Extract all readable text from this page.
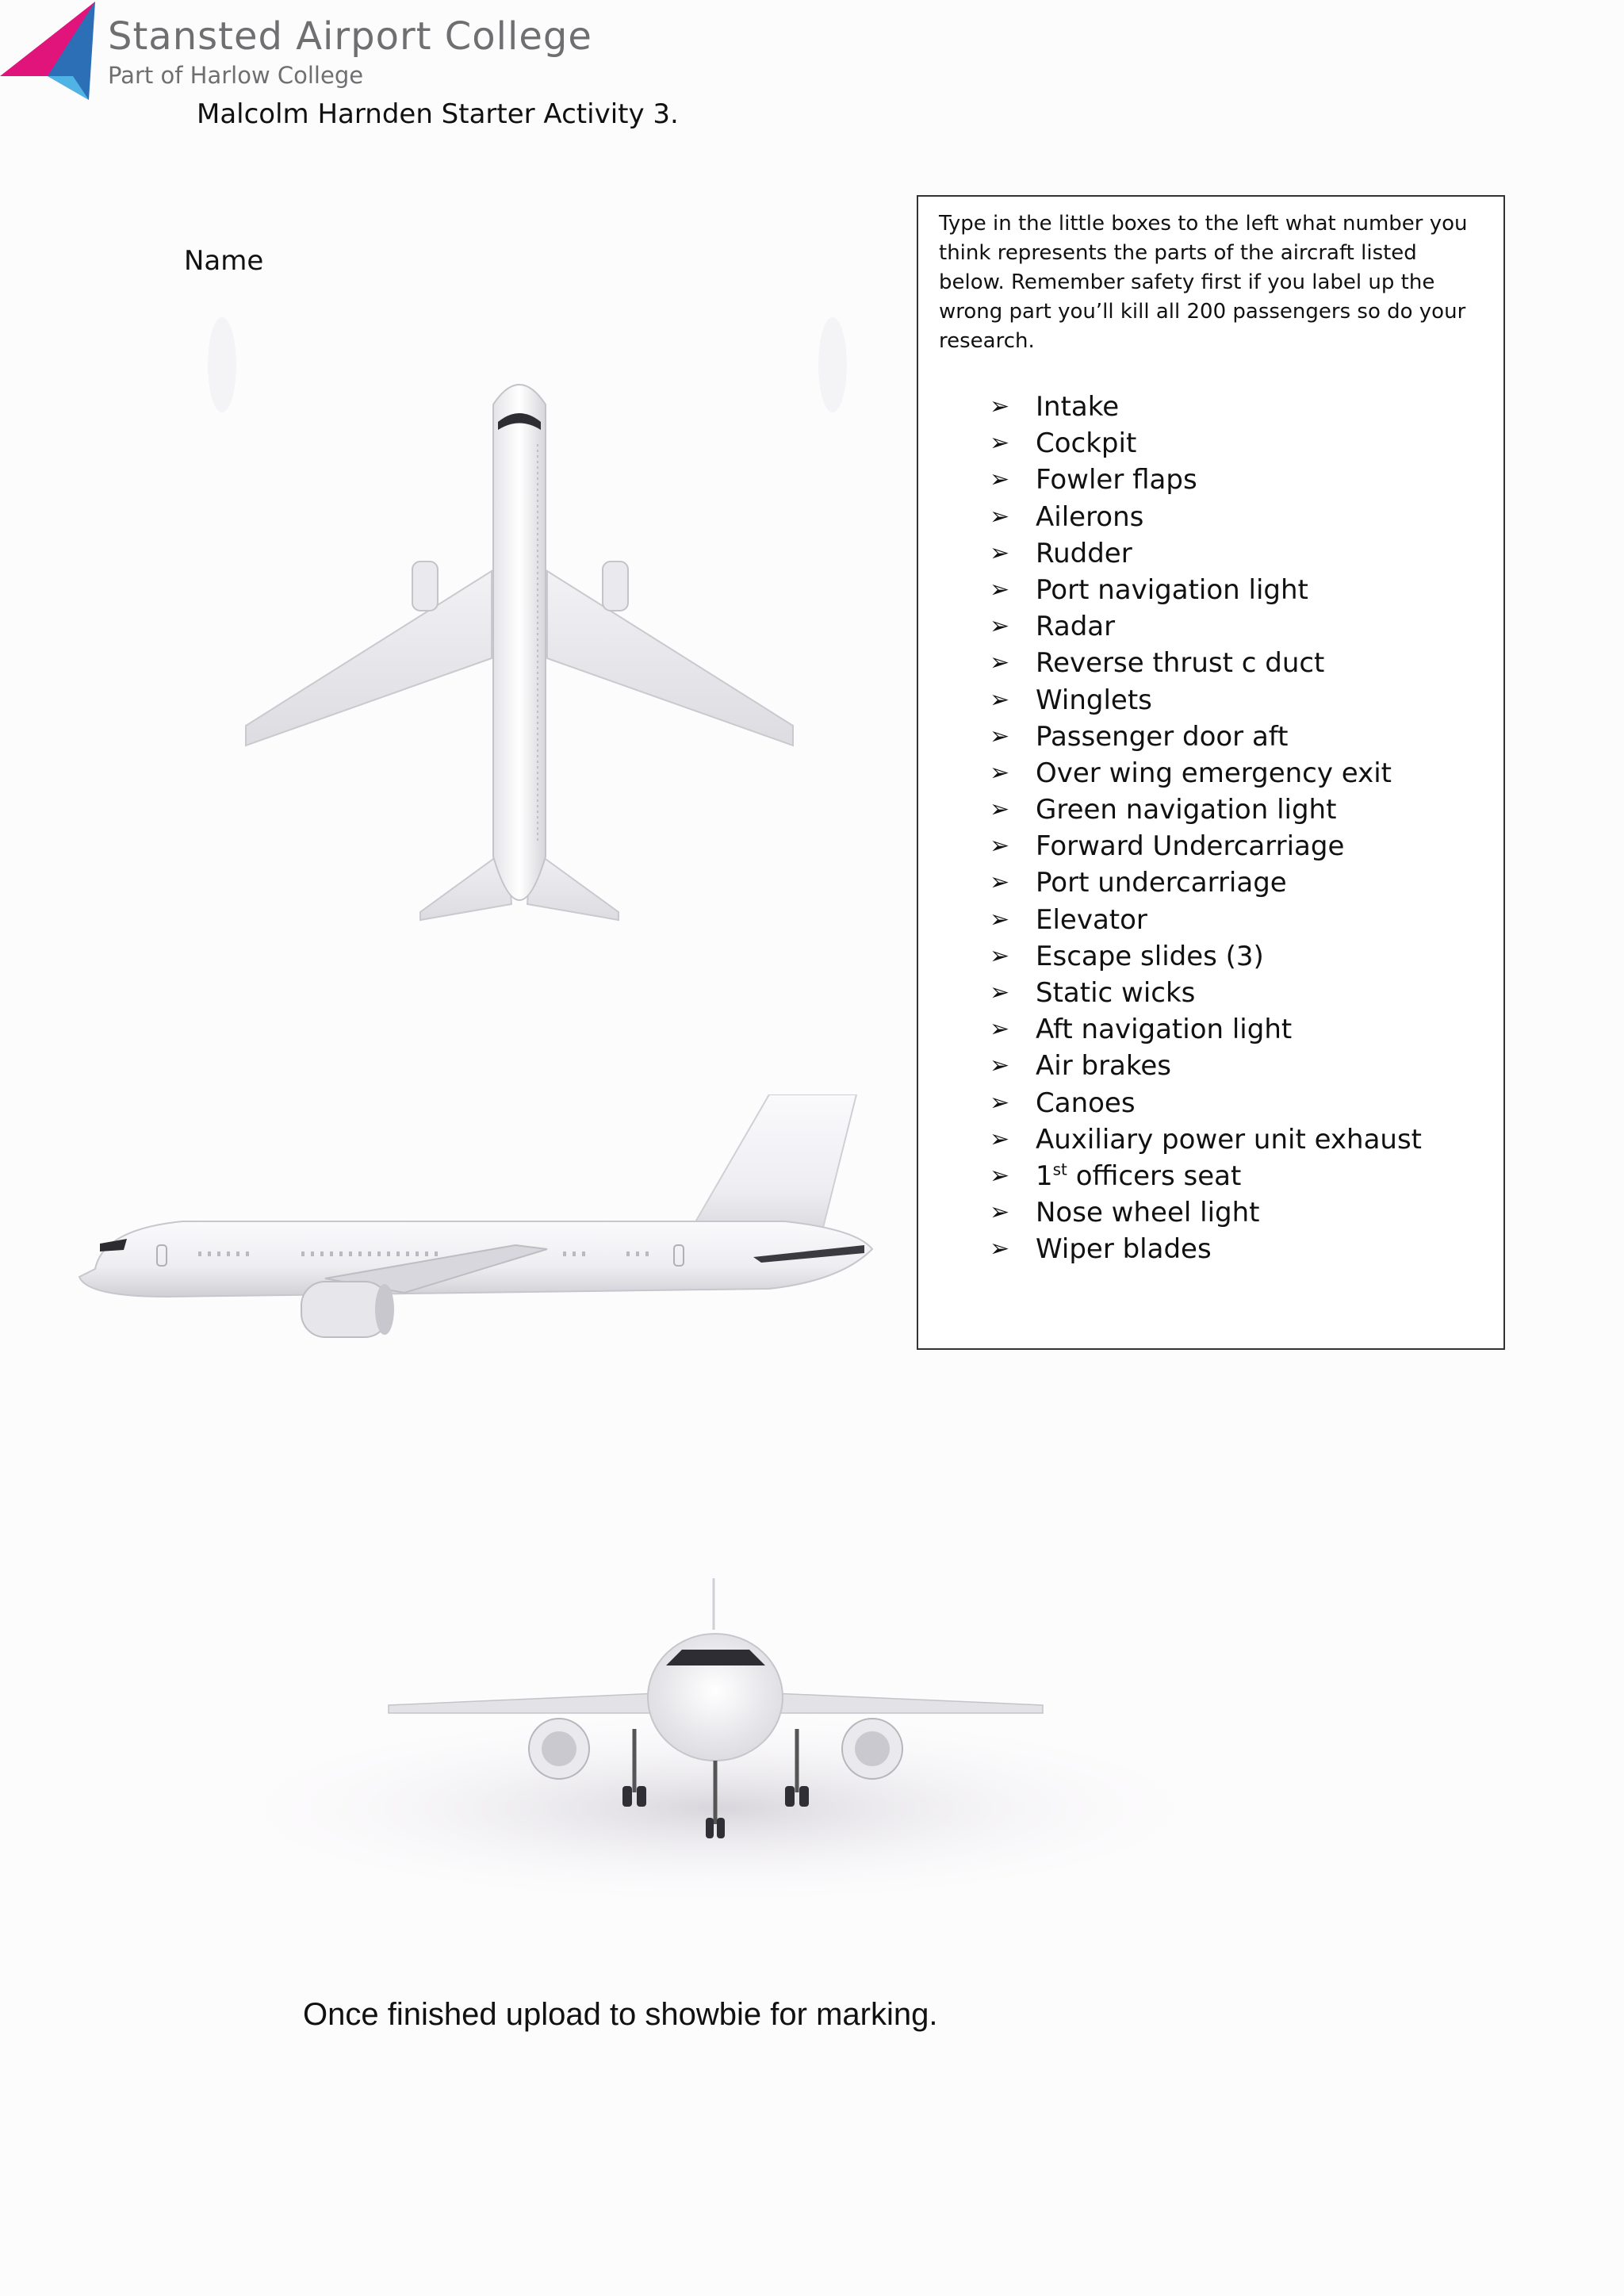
Stansted Airport College
Part of Harlow College
Malcolm Harnden Starter Activity 3.
Name
Type in the little boxes to the left what number you think represents the parts of the aircraft listed below. Remember safety first if you label up the wrong part you’ll kill all 200 passengers so do your research.
➢ Intake
➢ Cockpit
➢ Fowler flaps
➢ Ailerons
➢ Rudder
➢ Port navigation light
➢ Radar
➢ Reverse thrust c duct
➢ Winglets
➢ Passenger door aft
➢ Over wing emergency exit
➢ Green navigation light
➢ Forward Undercarriage
➢ Port undercarriage
➢ Elevator
➢ Escape slides (3)
➢ Static wicks
➢ Aft navigation light
➢ Air brakes
➢ Canoes
➢ Auxiliary power unit exhaust
➢ 1st officers seat
➢ Nose wheel light
➢ Wiper blades
Once finished upload to showbie for marking.
